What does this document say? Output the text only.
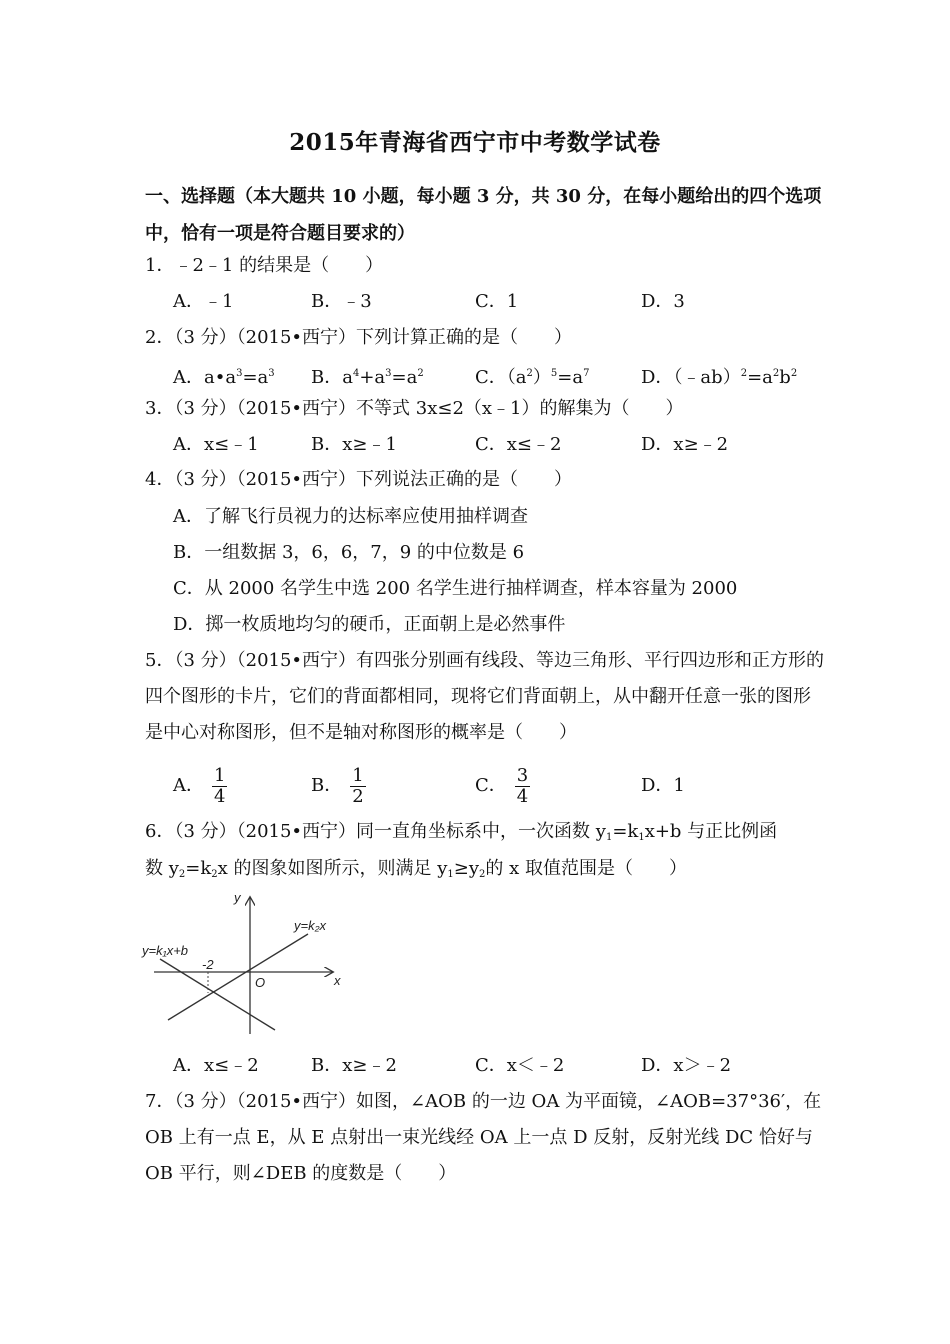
2015年青海省西宁市中考数学试卷
一、选择题（本大题共 10 小题，每小题 3 分，共 30 分，在每小题给出的四个选项中，恰有一项是符合题目要求的）
1．﹣2﹣1 的结果是（　　）
A．﹣1	B．﹣3	C．1	D．3
2．（3 分）（2015•西宁）下列计算正确的是（　　）
A．$a•a^3=a^3$ B．$a^4+a^3=a^2$	C．$(a^2)^5=a^7$	D．$(﹣ab)^2=a^2b^2$
3．（3 分）（2015•西宁）不等式 3x≤2（x﹣1）的解集为（　　）
A．x≤﹣1	B．x≥﹣1	C．x≤﹣2	D．x≥﹣2
4．（3 分）（2015•西宁）下列说法正确的是（　　）
A．了解飞行员视力的达标率应使用抽样调查
B．一组数据 3，6，6，7，9 的中位数是 6
C．从 2000 名学生中选 200 名学生进行抽样调查，样本容量为 2000
D．掷一枚质地均匀的硬币，正面朝上是必然事件
5．（3 分）（2015•西宁）有四张分别画有线段、等边三角形、平行四边形和正方形的四个图形的卡片，它们的背面都相同，现将它们背面朝上，从中翻开任意一张的图形是中心对称图形，但不是轴对称图形的概率是（　　）
A． $\frac{1}{4}$	B． $\frac{1}{2}$	C． $\frac{3}{4}$	D．1
6．（3 分）（2015•西宁）同一直角坐标系中，一次函数 $y_1=k_1x+b$ 与正比例函
数 $y_2=k_2x$ 的图象如图所示，则满足 $y_1\ge y_2$的 x 取值范围是（　　）
y
x
O
y=k₁x+b
y=k₂x
-2
A．x≤﹣2	B．x≥﹣2	C．x＜﹣2	D．x＞﹣2
7．（3 分）（2015•西宁）如图，∠AOB 的一边 OA 为平面镜，∠AOB=37°36′，在 OB 上有一点 E，从 E 点射出一束光线经 OA 上一点 D 反射，反射光线 DC 恰好与 OB 平行，则∠DEB 的度数是（　　）
